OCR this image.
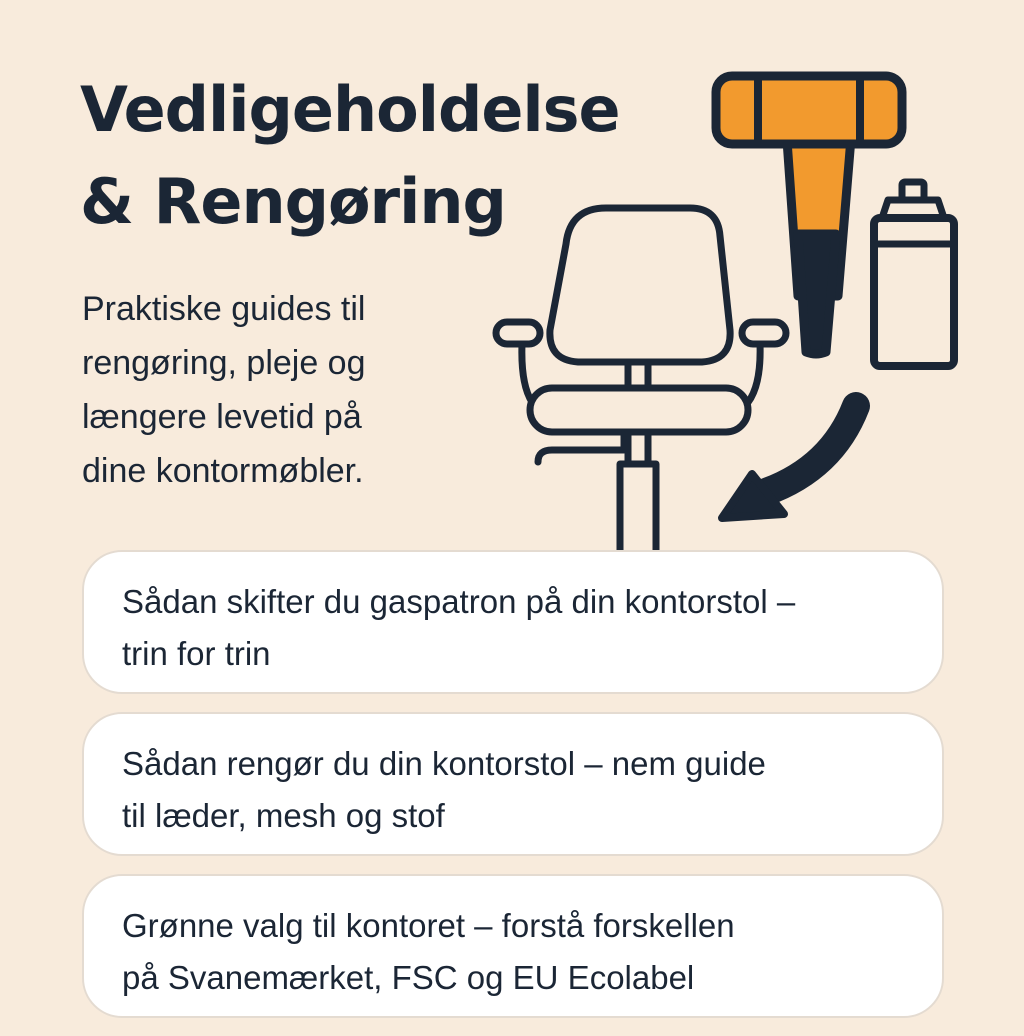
Vedligeholdelse
& Rengøring

Praktiske guides til
rengøring, pleje og
længere levetid på
dine kontormøbler.

Sådan skifter du gaspatron på din kontorstol –
trin for trin
Sådan rengør du din kontorstol – nem guide
til læder, mesh og stof
Grønne valg til kontoret – forstå forskellen
på Svanemærket, FSC og EU Ecolabel
